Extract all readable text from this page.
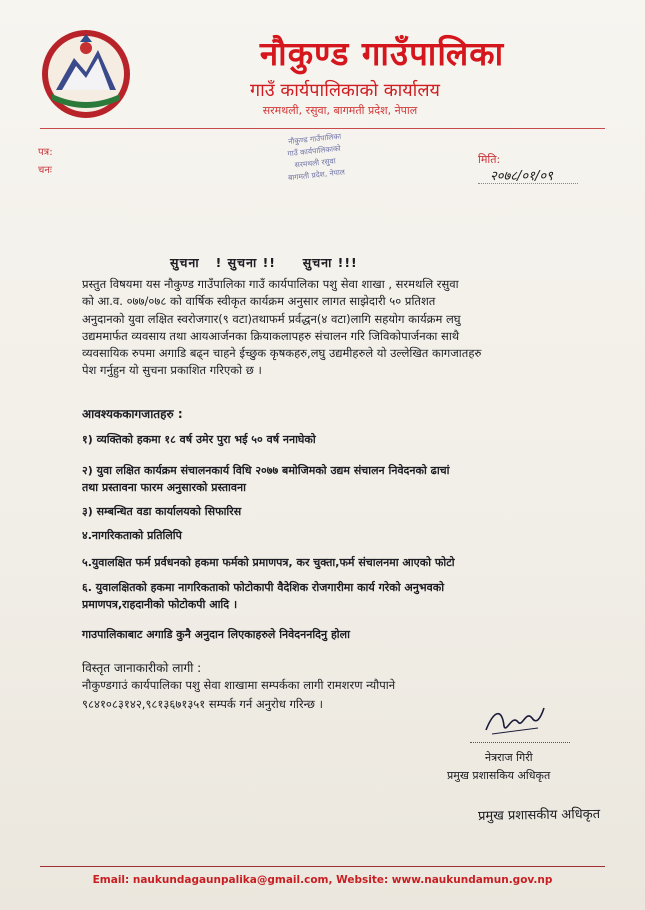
नौकुण्ड गाउँपालिका
गाउँ कार्यपालिकाको कार्यालय
सरमथली, रसुवा, बागमती प्रदेश, नेपाल
पत्र:
चनः
नौकुण्ड गाउँपालिका
गाउँ कार्यपालिकाको
सरमथली रसुवा
बागमती प्रदेश, नेपाल
मिति:
२०७८/०१/०९
सुचना   ! सुचना !!     सुचना !!!
प्रस्तुत विषयमा यस नौकुण्ड गाउँपालिका गाउँ कार्यपालिका पशु सेवा शाखा , सरमथलि रसुवा
को आ.व. ०७७/०७८ को वार्षिक स्वीकृत कार्यक्रम अनुसार लागत साझेदारी ५० प्रतिशत
अनुदानको युवा लक्षित स्वरोजगार(९ वटा)तथाफर्म प्रर्वद्धन(४ वटा)लागि सहयोग कार्यक्रम लघु
उद्यममार्फत व्यवसाय तथा आयआर्जनका क्रियाकलापहरु संचालन गरि जिविकोपार्जनका साथै
व्यवसायिक रुपमा अगाडि बढ्न चाहने ईच्छुक कृषकहरु,लघु उद्यमीहरुले यो उल्लेखित कागजातहरु
पेश गर्नुहुन यो सुचना प्रकाशित गरिएको छ ।
आवश्यककागजातहरु :
१) व्यक्तिको हकमा १८ वर्ष उमेर पुरा भई ५० वर्ष ननाघेको
२) युवा लक्षित कार्यक्रम संचालनकार्य विधि २०७७ बमोजिमको उद्यम संचालन निवेदनको ढाचां
तथा प्रस्तावना फारम अनुसारको प्रस्तावना
३) सम्बन्धित वडा कार्यालयको सिफारिस
४.नागरिकताको प्रतिलिपि
५.युवालक्षित फर्म प्रर्वधनको हकमा फर्मको प्रमाणपत्र, कर चुक्ता,फर्म संचालनमा आएको फोटो
६. युवालक्षितको हकमा नागरिकताको फोटोकापी वैदेशिक रोजगारीमा कार्य गरेको अनुभवको
प्रमाणपत्र,राहदानीको फोटोकपी आदि ।
गाउपालिकाबाट अगाडि कुनै अनुदान लिएकाहरुले निवेदननदिनु होला
विस्तृत जानाकारीको लागी :
नौकुण्डगाउं कार्यपालिका पशु सेवा शाखामा सम्पर्कका लागी रामशरण न्यौपाने
९८४१०८३१४२,९८१३६७१३५१ सम्पर्क गर्न अनुरोध गरिन्छ ।
नेत्रराज गिरी
प्रमुख प्रशासकिय अधिकृत
प्रमुख प्रशासकीय अधिकृत
Email: naukundagaunpalika@gmail.com, Website: www.naukundamun.gov.np
